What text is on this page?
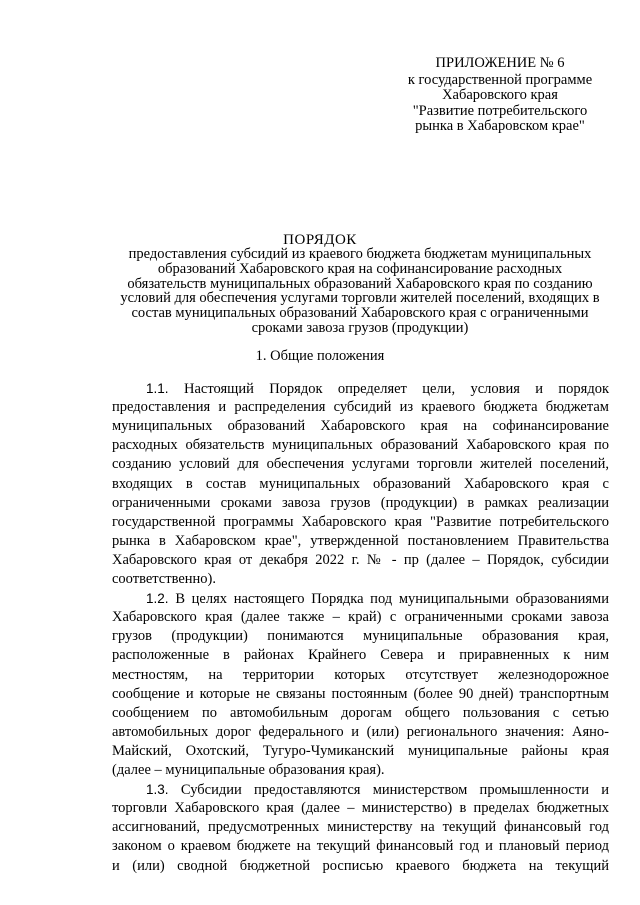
ПРИЛОЖЕНИЕ № 6
к государственной программе
Хабаровского края
"Развитие потребительского
рынка в Хабаровском крае"
ПОРЯДОК
предоставления субсидий из краевого бюджета бюджетам муниципальных
образований Хабаровского края на софинансирование расходных
обязательств муниципальных образований Хабаровского края по созданию
условий для обеспечения услугами торговли жителей поселений, входящих в
состав муниципальных образований Хабаровского края с ограниченными
сроками завоза грузов (продукции)
1. Общие положения
1.1. Настоящий Порядок определяет цели, условия и порядок
предоставления и распределения субсидий из краевого бюджета бюджетам
муниципальных образований Хабаровского края на софинансирование
расходных обязательств муниципальных образований Хабаровского края по
созданию условий для обеспечения услугами торговли жителей поселений,
входящих в состав муниципальных образований Хабаровского края с
ограниченными сроками завоза грузов (продукции) в рамках реализации
государственной программы Хабаровского края "Развитие потребительского
рынка в Хабаровском крае", утвержденной постановлением Правительства
Хабаровского края от декабря 2022 г. № - пр (далее – Порядок, субсидии
соответственно).
1.2. В целях настоящего Порядка под муниципальными образованиями
Хабаровского края (далее также – край) с ограниченными сроками завоза
грузов (продукции) понимаются муниципальные образования края,
расположенные в районах Крайнего Севера и приравненных к ним
местностям, на территории которых отсутствует железнодорожное
сообщение и которые не связаны постоянным (более 90 дней) транспортным
сообщением по автомобильным дорогам общего пользования с сетью
автомобильных дорог федерального и (или) регионального значения: Аяно-
Майский, Охотский, Тугуро-Чумиканский муниципальные районы края
(далее – муниципальные образования края).
1.3. Субсидии предоставляются министерством промышленности и
торговли Хабаровского края (далее – министерство) в пределах бюджетных
ассигнований, предусмотренных министерству на текущий финансовый год
законом о краевом бюджете на текущий финансовый год и плановый период
и (или) сводной бюджетной росписью краевого бюджета на текущий
